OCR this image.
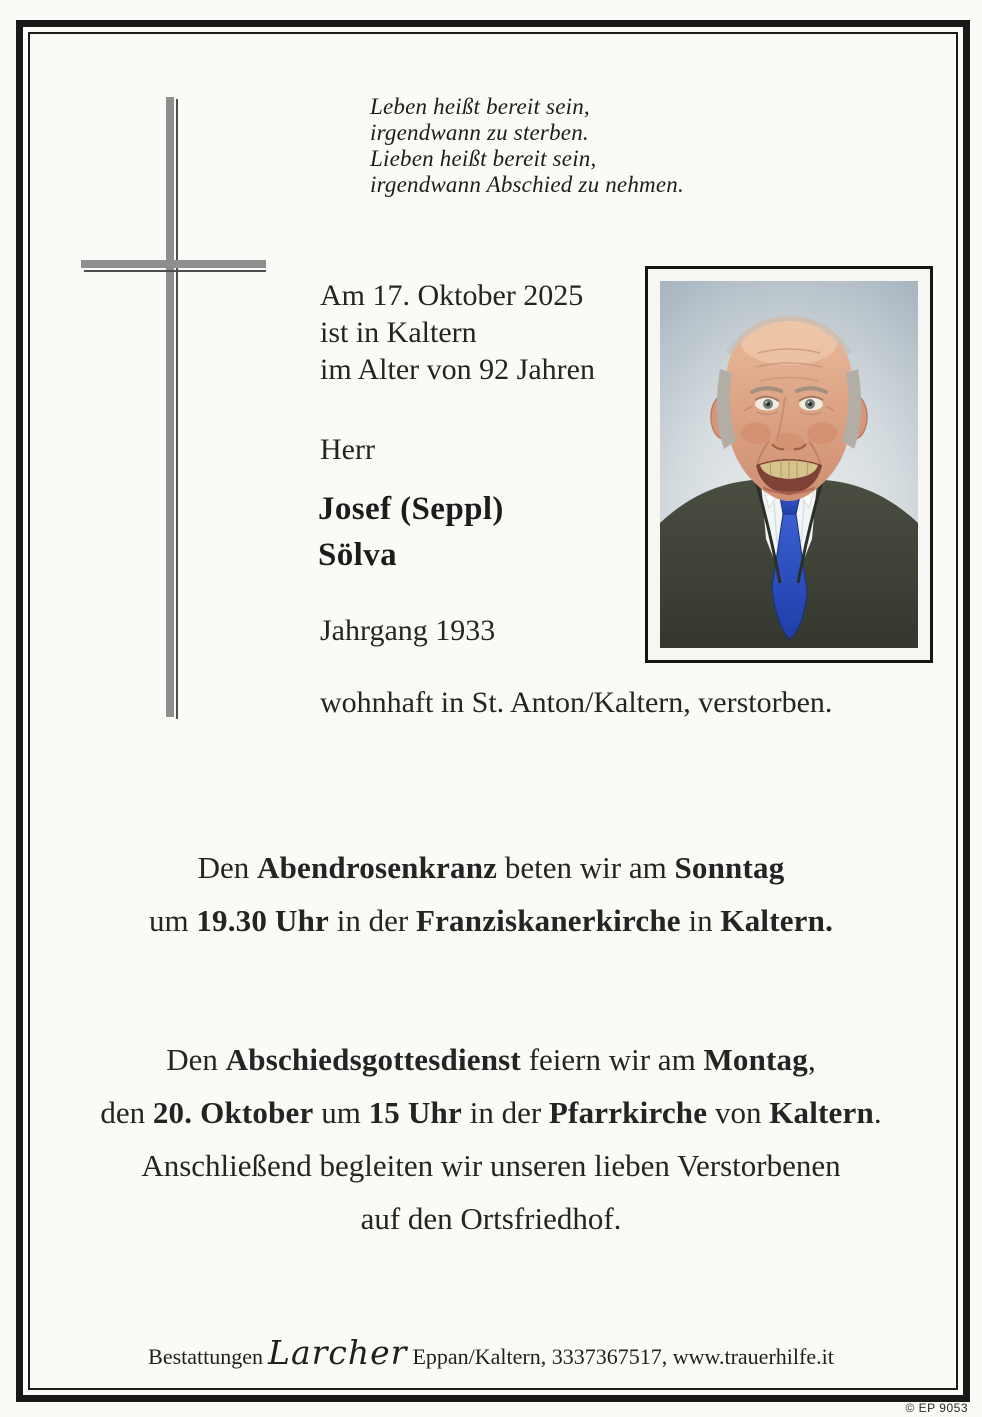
Leben heißt bereit sein,
irgendwann zu sterben.
Lieben heißt bereit sein,
irgendwann Abschied zu nehmen.
Am 17. Oktober 2025
ist in Kaltern
im Alter von 92 Jahren
Herr
Josef (Seppl)
Sölva
Jahrgang 1933
wohnhaft in St. Anton/Kaltern, verstorben.
Den Abendrosenkranz beten wir am Sonntag
um 19.30 Uhr in der Franziskanerkirche in Kaltern.
Den Abschiedsgottesdienst feiern wir am Montag,
den 20. Oktober um 15 Uhr in der Pfarrkirche von Kaltern.
Anschließend begleiten wir unseren lieben Verstorbenen
auf den Ortsfriedhof.
Bestattungen Larcher Eppan/Kaltern, 3337367517, www.trauerhilfe.it
© EP 9053
